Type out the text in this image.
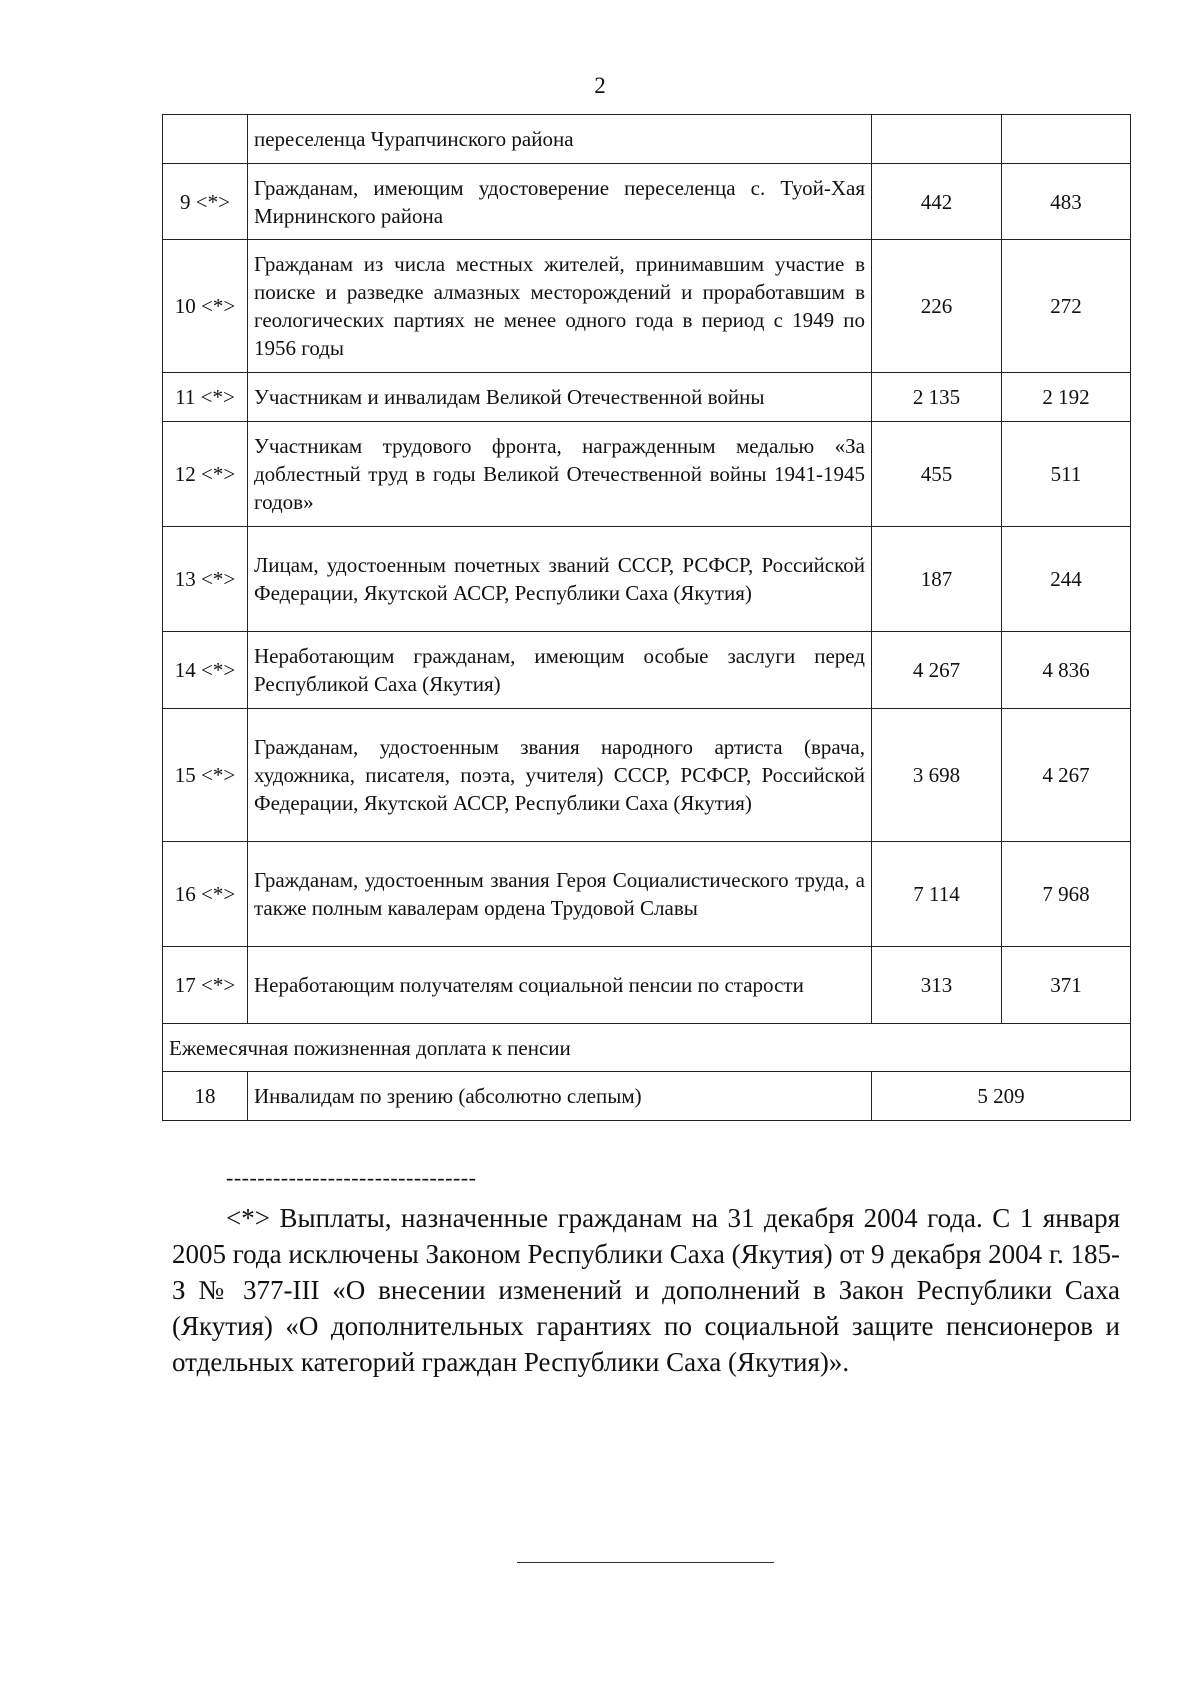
2
	переселенца Чурапчинского района		
9 <*>	Гражданам, имеющим удостоверение переселенца с. Туой-Хая Мирнинского района	442	483
10 <*>	Гражданам из числа местных жителей, принимавшим участие в поиске и разведке алмазных месторождений и проработавшим в геологических партиях не менее одного года в период с 1949 по 1956 годы	226	272
11 <*>	Участникам и инвалидам Великой Отечественной войны	2 135	2 192
12 <*>	Участникам трудового фронта, награжденным медалью «За доблестный труд в годы Великой Отечественной войны 1941-1945 годов»	455	511
13 <*>	Лицам, удостоенным почетных званий СССР, РСФСР, Российской Федерации, Якутской АССР, Республики Саха (Якутия)	187	244
14 <*>	Неработающим гражданам, имеющим особые заслуги перед Республикой Саха (Якутия)	4 267	4 836
15 <*>	Гражданам, удостоенным звания народного артиста (врача, художника, писателя, поэта, учителя) СССР, РСФСР, Российской Федерации, Якутской АССР, Республики Саха (Якутия)	3 698	4 267
16 <*>	Гражданам, удостоенным звания Героя Социалистического труда, а также полным кавалерам ордена Трудовой Славы	7 114	7 968
17 <*>	Неработающим получателям социальной пенсии по старости	313	371
Ежемесячная пожизненная доплата к пенсии			
18	Инвалидам по зрению (абсолютно слепым)	5 209	
--------------------------------

<*> Выплаты, назначенные гражданам на 31 декабря 2004 года. С 1 января 2005 года исключены Законом Республики Саха (Якутия) от 9 декабря 2004 г. 185-З № 377-III «О внесении изменений и дополнений в Закон Республики Саха (Якутия) «О дополнительных гарантиях по социальной защите пенсионеров и отдельных категорий граждан Республики Саха (Якутия)».
